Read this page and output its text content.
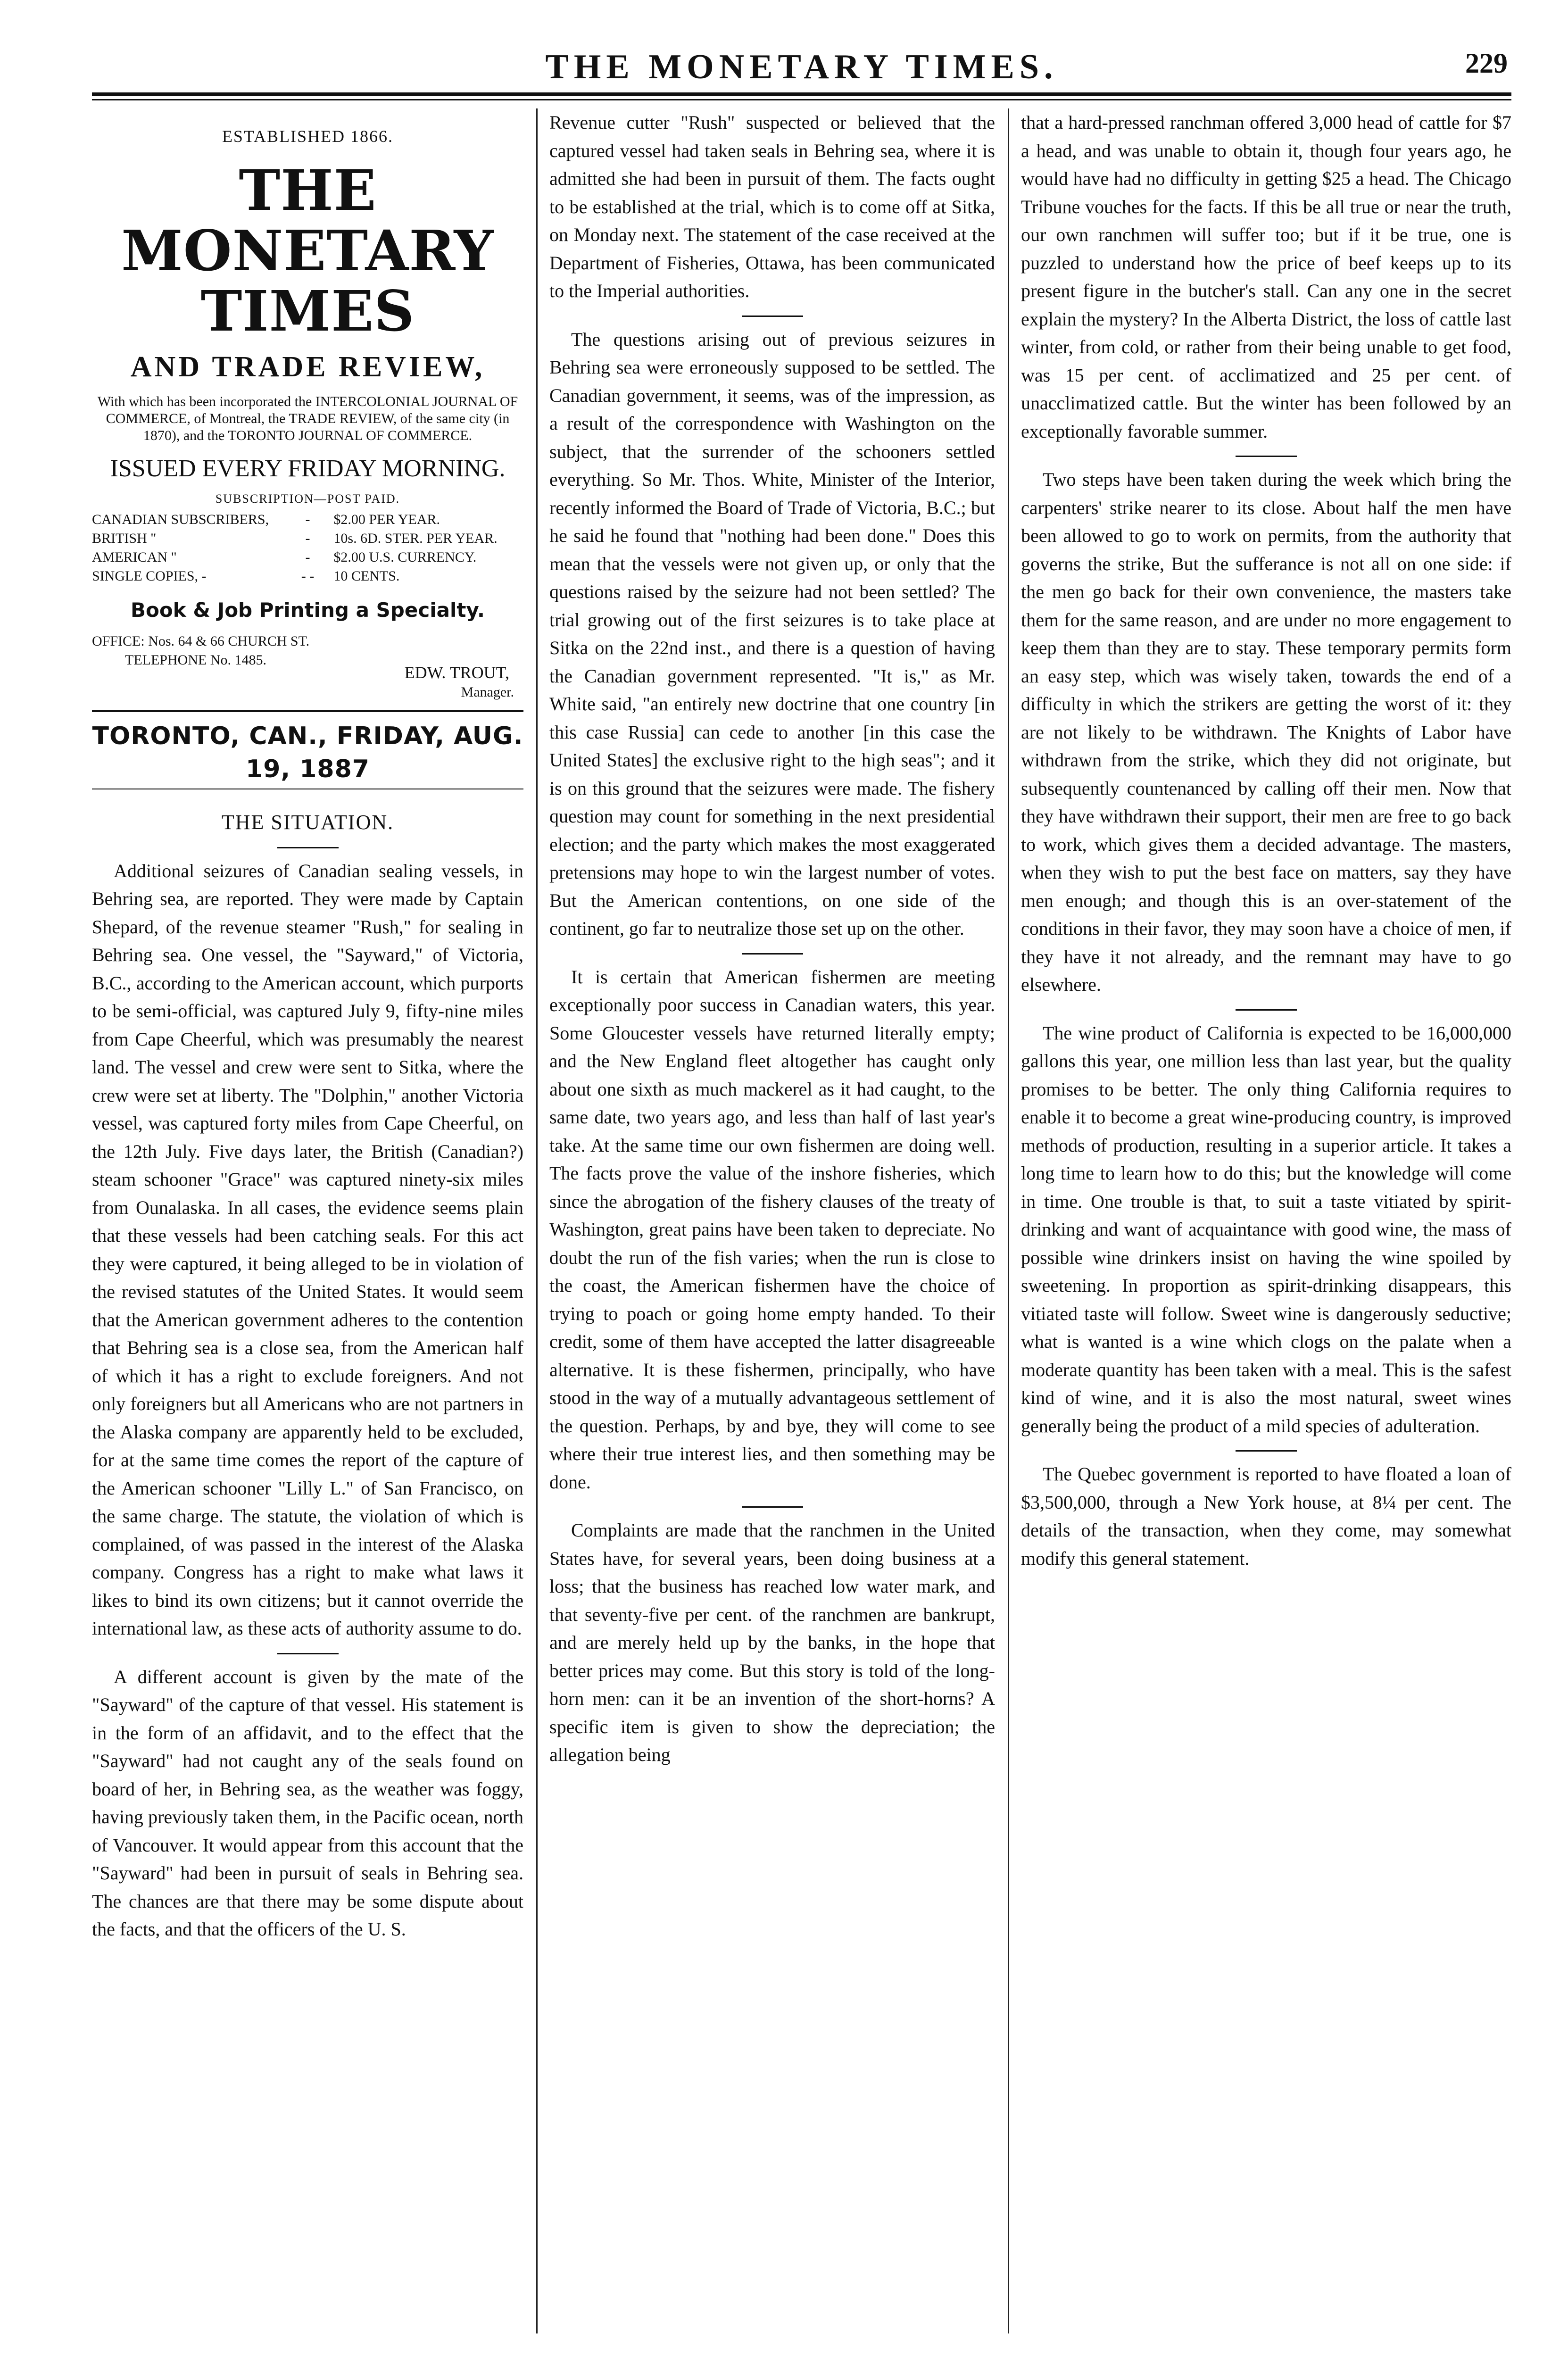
THE MONETARY TIMES.	229
ESTABLISHED 1866.
THE MONETARY TIMES
AND TRADE REVIEW,
With which has been incorporated the INTERCOLONIAL JOURNAL OF COMMERCE, of Montreal, the TRADE REVIEW, of the same city (in 1870), and the TORONTO JOURNAL OF COMMERCE.
ISSUED EVERY FRIDAY MORNING.
SUBSCRIPTION—POST PAID.
CANADIAN SUBSCRIBERS,	-	$2.00 PER YEAR.
BRITISH "	-	10s. 6D. STER. PER YEAR.
AMERICAN "	-	$2.00 U.S. CURRENCY.
SINGLE COPIES, -	- -	10 CENTS.
Book & Job Printing a Specialty.
OFFICE: Nos. 64 & 66 CHURCH ST.
TELEPHONE No. 1485.
EDW. TROUT,
Manager.
TORONTO, CAN., FRIDAY, AUG. 19, 1887
THE SITUATION.

Additional seizures of Canadian sealing vessels, in Behring sea, are reported. They were made by Captain Shepard, of the revenue steamer "Rush," for sealing in Behring sea. One vessel, the "Sayward," of Victoria, B.C., according to the American account, which purports to be semi-official, was captured July 9, fifty-nine miles from Cape Cheerful, which was presumably the nearest land. The vessel and crew were sent to Sitka, where the crew were set at liberty. The "Dolphin," another Victoria vessel, was captured forty miles from Cape Cheerful, on the 12th July. Five days later, the British (Canadian?) steam schooner "Grace" was captured ninety-six miles from Ounalaska. In all cases, the evidence seems plain that these vessels had been catching seals. For this act they were captured, it being alleged to be in violation of the revised statutes of the United States. It would seem that the American government adheres to the contention that Behring sea is a close sea, from the American half of which it has a right to exclude foreigners. And not only foreigners but all Americans who are not partners in the Alaska company are apparently held to be excluded, for at the same time comes the report of the capture of the American schooner "Lilly L." of San Francisco, on the same charge. The statute, the violation of which is complained, of was passed in the interest of the Alaska company. Congress has a right to make what laws it likes to bind its own citizens; but it cannot override the international law, as these acts of authority assume to do.

A different account is given by the mate of the "Sayward" of the capture of that vessel. His statement is in the form of an affidavit, and to the effect that the "Sayward" had not caught any of the seals found on board of her, in Behring sea, as the weather was foggy, having previously taken them, in the Pacific ocean, north of Vancouver. It would appear from this account that the "Sayward" had been in pursuit of seals in Behring sea. The chances are that there may be some dispute about the facts, and that the officers of the U. S.

Revenue cutter "Rush" suspected or believed that the captured vessel had taken seals in Behring sea, where it is admitted she had been in pursuit of them. The facts ought to be established at the trial, which is to come off at Sitka, on Monday next. The statement of the case received at the Department of Fisheries, Ottawa, has been communicated to the Imperial authorities.

The questions arising out of previous seizures in Behring sea were erroneously supposed to be settled. The Canadian government, it seems, was of the impression, as a result of the correspondence with Washington on the subject, that the surrender of the schooners settled everything. So Mr. Thos. White, Minister of the Interior, recently informed the Board of Trade of Victoria, B.C.; but he said he found that "nothing had been done." Does this mean that the vessels were not given up, or only that the questions raised by the seizure had not been settled? The trial growing out of the first seizures is to take place at Sitka on the 22nd inst., and there is a question of having the Canadian government represented. "It is," as Mr. White said, "an entirely new doctrine that one country [in this case Russia] can cede to another [in this case the United States] the exclusive right to the high seas"; and it is on this ground that the seizures were made. The fishery question may count for something in the next presidential election; and the party which makes the most exaggerated pretensions may hope to win the largest number of votes. But the American contentions, on one side of the continent, go far to neutralize those set up on the other.

It is certain that American fishermen are meeting exceptionally poor success in Canadian waters, this year. Some Gloucester vessels have returned literally empty; and the New England fleet altogether has caught only about one sixth as much mackerel as it had caught, to the same date, two years ago, and less than half of last year's take. At the same time our own fishermen are doing well. The facts prove the value of the inshore fisheries, which since the abrogation of the fishery clauses of the treaty of Washington, great pains have been taken to depreciate. No doubt the run of the fish varies; when the run is close to the coast, the American fishermen have the choice of trying to poach or going home empty handed. To their credit, some of them have accepted the latter disagreeable alternative. It is these fishermen, principally, who have stood in the way of a mutually advantageous settlement of the question. Perhaps, by and bye, they will come to see where their true interest lies, and then something may be done.

Complaints are made that the ranchmen in the United States have, for several years, been doing business at a loss; that the business has reached low water mark, and that seventy-five per cent. of the ranchmen are bankrupt, and are merely held up by the banks, in the hope that better prices may come. But this story is told of the long-horn men: can it be an invention of the short-horns? A specific item is given to show the depreciation; the allegation being

that a hard-pressed ranchman offered 3,000 head of cattle for $7 a head, and was unable to obtain it, though four years ago, he would have had no difficulty in getting $25 a head. The Chicago Tribune vouches for the facts. If this be all true or near the truth, our own ranchmen will suffer too; but if it be true, one is puzzled to understand how the price of beef keeps up to its present figure in the butcher's stall. Can any one in the secret explain the mystery? In the Alberta District, the loss of cattle last winter, from cold, or rather from their being unable to get food, was 15 per cent. of acclimatized and 25 per cent. of unacclimatized cattle. But the winter has been followed by an exceptionally favorable summer.

Two steps have been taken during the week which bring the carpenters' strike nearer to its close. About half the men have been allowed to go to work on permits, from the authority that governs the strike, But the sufferance is not all on one side: if the men go back for their own convenience, the masters take them for the same reason, and are under no more engagement to keep them than they are to stay. These temporary permits form an easy step, which was wisely taken, towards the end of a difficulty in which the strikers are getting the worst of it: they are not likely to be withdrawn. The Knights of Labor have withdrawn from the strike, which they did not originate, but subsequently countenanced by calling off their men. Now that they have withdrawn their support, their men are free to go back to work, which gives them a decided advantage. The masters, when they wish to put the best face on matters, say they have men enough; and though this is an over-statement of the conditions in their favor, they may soon have a choice of men, if they have it not already, and the remnant may have to go elsewhere.

The wine product of California is expected to be 16,000,000 gallons this year, one million less than last year, but the quality promises to be better. The only thing California requires to enable it to become a great wine-producing country, is improved methods of production, resulting in a superior article. It takes a long time to learn how to do this; but the knowledge will come in time. One trouble is that, to suit a taste vitiated by spirit-drinking and want of acquaintance with good wine, the mass of possible wine drinkers insist on having the wine spoiled by sweetening. In proportion as spirit-drinking disappears, this vitiated taste will follow. Sweet wine is dangerously seductive; what is wanted is a wine which clogs on the palate when a moderate quantity has been taken with a meal. This is the safest kind of wine, and it is also the most natural, sweet wines generally being the product of a mild species of adulteration.

The Quebec government is reported to have floated a loan of $3,500,000, through a New York house, at 8¼ per cent. The details of the transaction, when they come, may somewhat modify this general statement.
